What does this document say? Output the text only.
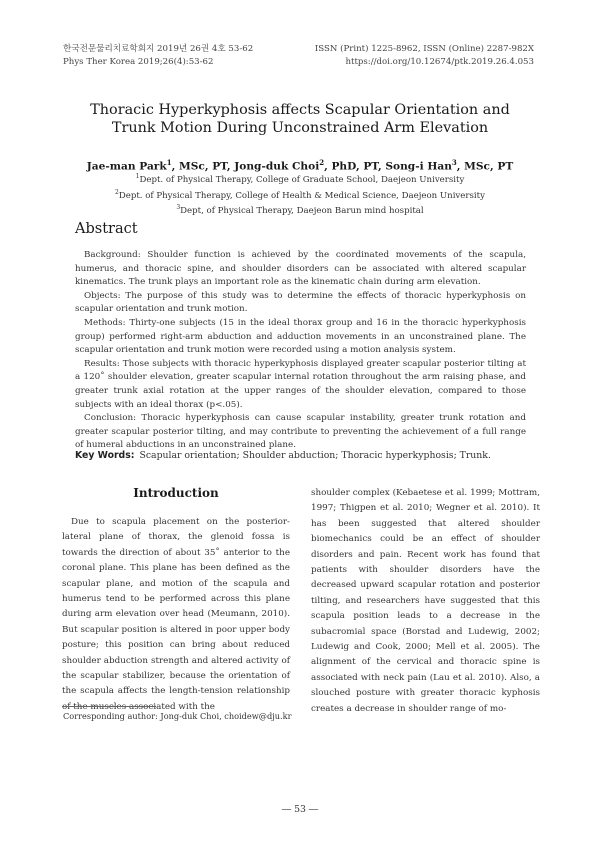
한국전문물리치료학회지 2019년 26권 4호 53-62
Phys Ther Korea 2019;26(4):53-62
ISSN (Print) 1225-8962, ISSN (Online) 2287-982X
https://doi.org/10.12674/ptk.2019.26.4.053
Thoracic Hyperkyphosis affects Scapular Orientation and
Trunk Motion During Unconstrained Arm Elevation
Jae-man Park$^1$, MSc, PT, Jong-duk Choi$^2$, PhD, PT, Song-i Han$^3$, MSc, PT
$^1$Dept. of Physical Therapy, College of Graduate School, Daejeon University
$^2$Dept. of Physical Therapy, College of Health & Medical Science, Daejeon University
$^3$Dept, of Physical Therapy, Daejeon Barun mind hospital
Abstract

Background: Shoulder function is achieved by the coordinated movements of the scapula, humerus, and thoracic spine, and shoulder disorders can be associated with altered scapular kinematics. The trunk plays an important role as the kinematic chain during arm elevation.

Objects: The purpose of this study was to determine the effects of thoracic hyperkyphosis on scapular orientation and trunk motion.

Methods: Thirty-one subjects (15 in the ideal thorax group and 16 in the thoracic hyperkyphosis group) performed right-arm abduction and adduction movements in an unconstrained plane. The scapular orientation and trunk motion were recorded using a motion analysis system.

Results: Those subjects with thoracic hyperkyphosis displayed greater scapular posterior tilting at a 120˚ shoulder elevation, greater scapular internal rotation throughout the arm raising phase, and greater trunk axial rotation at the upper ranges of the shoulder elevation, compared to those subjects with an ideal thorax (p<.05).

Conclusion: Thoracic hyperkyphosis can cause scapular instability, greater trunk rotation and greater scapular posterior tilting, and may contribute to preventing the achievement of a full range of humeral abductions in an unconstrained plane.

Key Words: Scapular orientation; Shoulder abduction; Thoracic hyperkyphosis; Trunk.
Introduction
Due to scapula placement on the posterior-lateral plane of thorax, the glenoid fossa is towards the direction of about 35˚ anterior to the coronal plane. This plane has been defined as the scapular plane, and motion of the scapula and humerus tend to be performed across this plane during arm elevation over head (Meumann, 2010). But scapular position is altered in poor upper body posture; this position can bring about reduced shoulder abduction strength and altered activity of the scapular stabilizer, because the orientation of the scapula affects the length-tension relationship of the muscles associated with the
shoulder complex (Kebaetese et al. 1999; Mottram, 1997; Thigpen et al. 2010; Wegner et al. 2010). It has been suggested that altered shoulder biomechanics could be an effect of shoulder disorders and pain. Recent work has found that patients with shoulder disorders have the decreased upward scapular rotation and posterior tilting, and researchers have suggested that this scapula position leads to a decrease in the subacromial space (Borstad and Ludewig, 2002; Ludewig and Cook, 2000; Mell et al. 2005). The alignment of the cervical and thoracic spine is associated with neck pain (Lau et al. 2010). Also, a slouched posture with greater thoracic kyphosis creates a decrease in shoulder range of mo-
Corresponding author: Jong-duk Choi, choidew@dju.kr
― 53 ―
